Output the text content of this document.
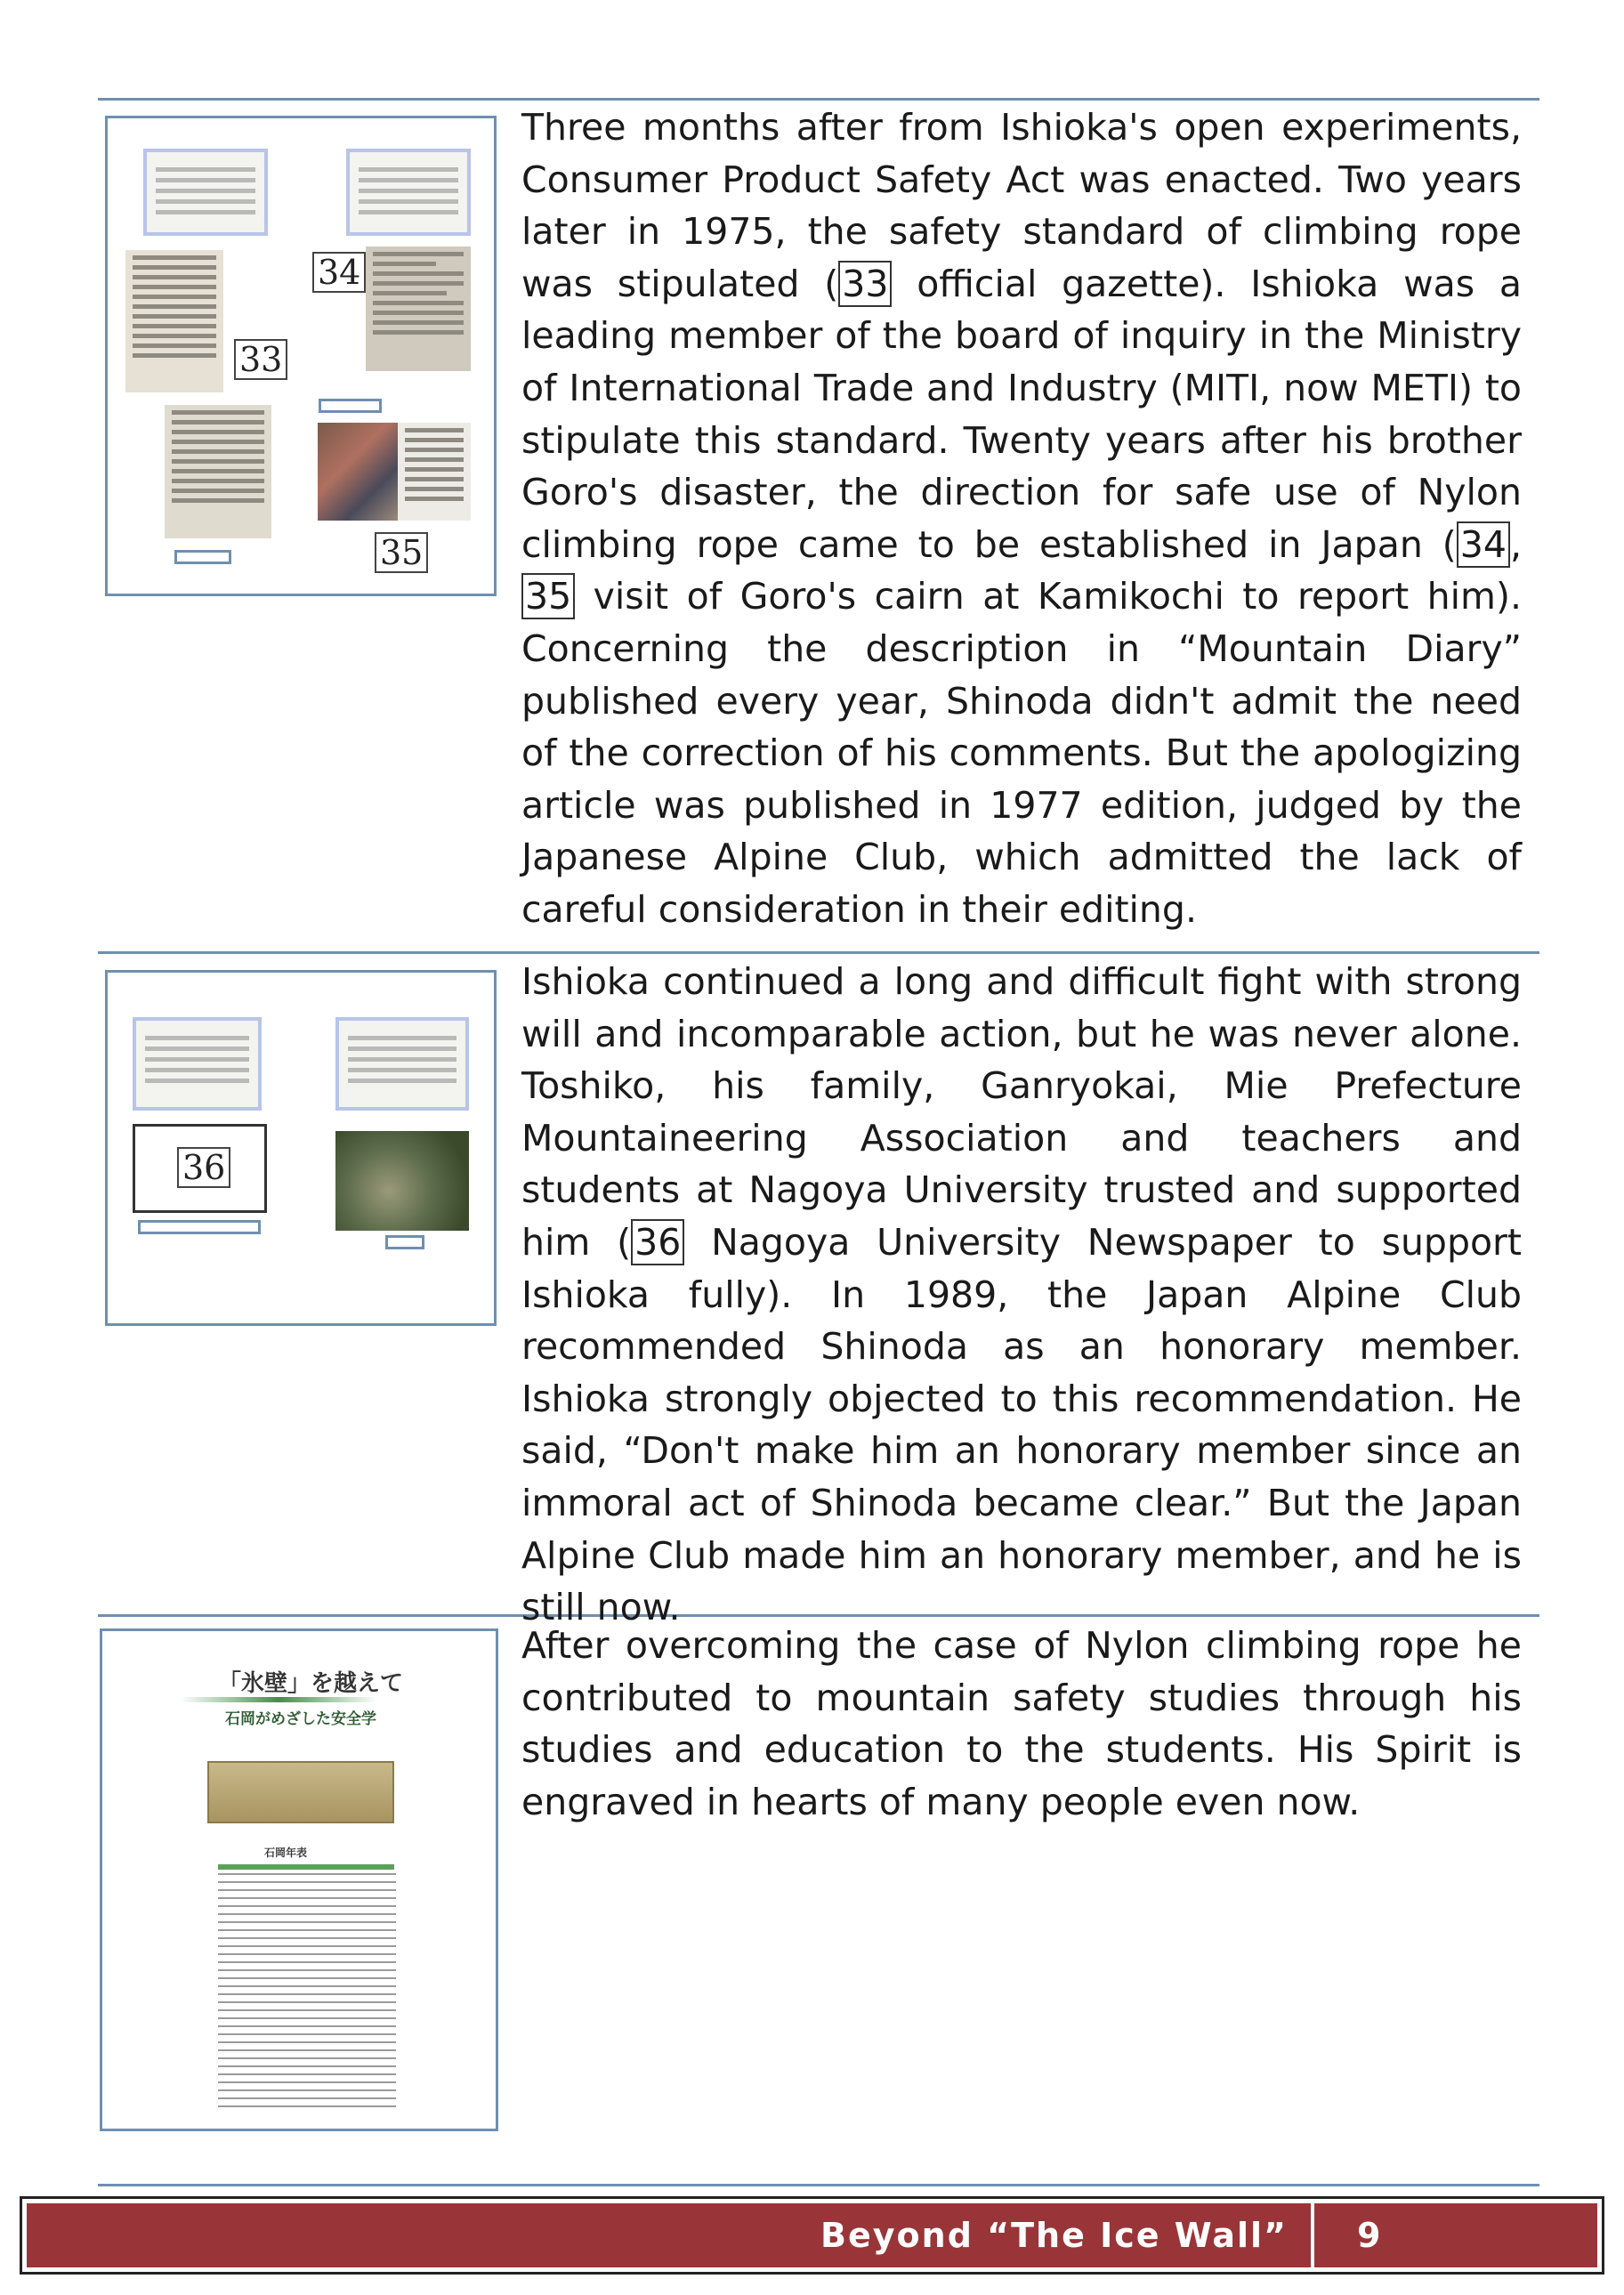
34
33
35

Three months after from Ishioka's open experiments, Consumer Product Safety Act was enacted. Two years later in 1975, the safety standard of climbing rope was stipulated (33 official gazette). Ishioka was a leading member of the board of inquiry in the Ministry of International Trade and Industry (MITI, now METI) to stipulate this standard. Twenty years after his brother Goro's disaster, the direction for safe use of Nylon climbing rope came to be established in Japan (34, 35 visit of Goro's cairn at Kamikochi to report him). Concerning the description in “Mountain Diary” published every year, Shinoda didn't admit the need of the correction of his comments. But the apologizing article was published in 1977 edition, judged by the Japanese Alpine Club, which admitted the lack of careful consideration in their editing.

36

Ishioka continued a long and difficult fight with strong will and incomparable action, but he was never alone. Toshiko, his family, Ganryokai, Mie Prefecture Mountaineering Association and teachers and students at Nagoya University trusted and supported him (36 Nagoya University Newspaper to support Ishioka fully). In 1989, the Japan Alpine Club recommended Shinoda as an honorary member. Ishioka strongly objected to this recommendation. He said, “Don't make him an honorary member since an immoral act of Shinoda became clear.” But the Japan Alpine Club made him an honorary member, and he is still now.

「氷壁」を越えて
石岡がめざした安全学
石岡年表

After overcoming the case of Nylon climbing rope he contributed to mountain safety studies through his studies and education to the students. His Spirit is engraved in hearts of many people even now.

Beyond “The Ice Wall” 9
